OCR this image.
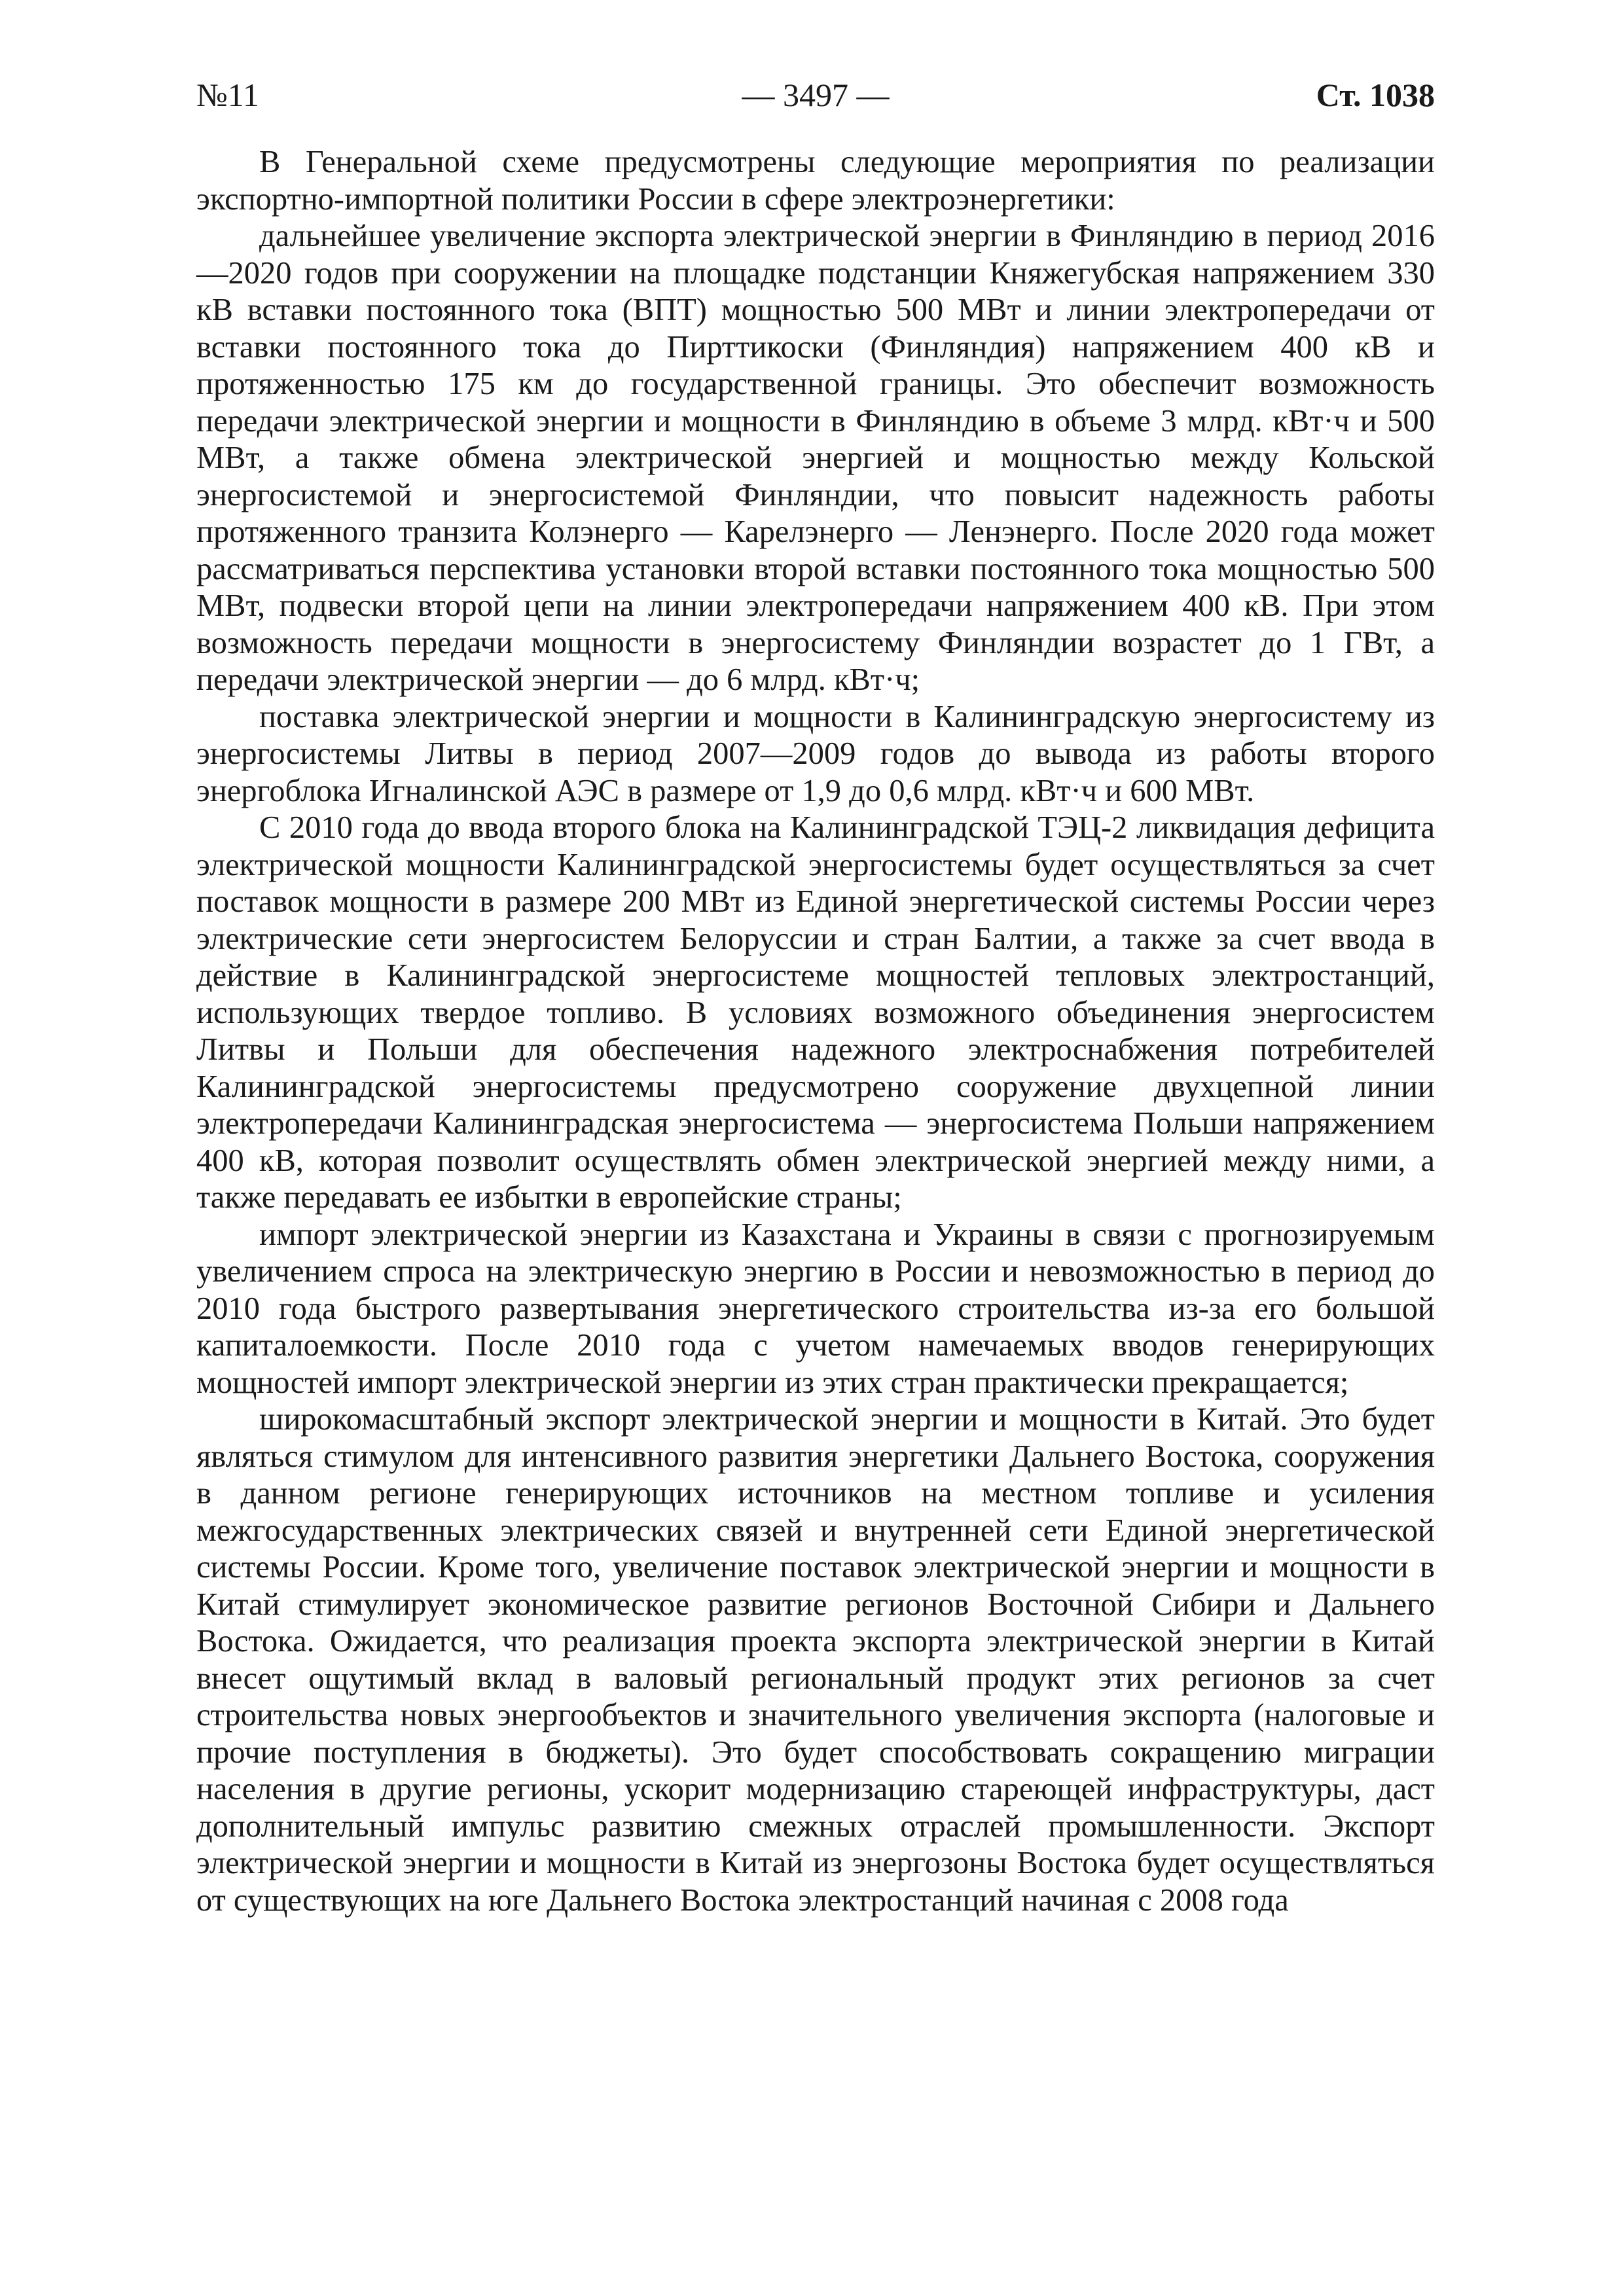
№11	— 3497 —	Ст. 1038

В Генеральной схеме предусмотрены следующие мероприятия по реализации экспортно-импортной политики России в сфере электроэнергетики:

дальнейшее увеличение экспорта электрической энергии в Финляндию в период 2016—2020 годов при сооружении на площадке подстанции Княжегубская напряжением 330 кВ вставки постоянного тока (ВПТ) мощностью 500 МВт и линии электропередачи от вставки постоянного тока до Пирттикоски (Финляндия) напряжением 400 кВ и протяженностью 175 км до государственной границы. Это обеспечит возможность передачи электрической энергии и мощности в Финляндию в объеме 3 млрд. кВт·ч и 500 МВт, а также обмена электрической энергией и мощностью между Кольской энергосистемой и энергосистемой Финляндии, что повысит надежность работы протяженного транзита Колэнерго — Карелэнерго — Ленэнерго. После 2020 года может рассматриваться перспектива установки второй вставки постоянного тока мощностью 500 МВт, подвески второй цепи на линии электропередачи напряжением 400 кВ. При этом возможность передачи мощности в энергосистему Финляндии возрастет до 1 ГВт, а передачи электрической энергии — до 6 млрд. кВт·ч;

поставка электрической энергии и мощности в Калининградскую энергосистему из энергосистемы Литвы в период 2007—2009 годов до вывода из работы второго энергоблока Игналинской АЭС в размере от 1,9 до 0,6 млрд. кВт·ч и 600 МВт.

С 2010 года до ввода второго блока на Калининградской ТЭЦ-2 ликвидация дефицита электрической мощности Калининградской энергосистемы будет осуществляться за счет поставок мощности в размере 200 МВт из Единой энергетической системы России через электрические сети энергосистем Белоруссии и стран Балтии, а также за счет ввода в действие в Калининградской энергосистеме мощностей тепловых электростанций, использующих твердое топливо. В условиях возможного объединения энергосистем Литвы и Польши для обеспечения надежного электроснабжения потребителей Калининградской энергосистемы предусмотрено сооружение двухцепной линии электропередачи Калининградская энергосистема — энергосистема Польши напряжением 400 кВ, которая позволит осуществлять обмен электрической энергией между ними, а также передавать ее избытки в европейские страны;

импорт электрической энергии из Казахстана и Украины в связи с прогнозируемым увеличением спроса на электрическую энергию в России и невозможностью в период до 2010 года быстрого развертывания энергетического строительства из-за его большой капиталоемкости. После 2010 года с учетом намечаемых вводов генерирующих мощностей импорт электрической энергии из этих стран практически прекращается;

широкомасштабный экспорт электрической энергии и мощности в Китай. Это будет являться стимулом для интенсивного развития энергетики Дальнего Востока, сооружения в данном регионе генерирующих источников на местном топливе и усиления межгосударственных электрических связей и внутренней сети Единой энергетической системы России. Кроме того, увеличение поставок электрической энергии и мощности в Китай стимулирует экономическое развитие регионов Восточной Сибири и Дальнего Востока. Ожидается, что реализация проекта экспорта электрической энергии в Китай внесет ощутимый вклад в валовый региональный продукт этих регионов за счет строительства новых энергообъектов и значительного увеличения экспорта (налоговые и прочие поступления в бюджеты). Это будет способствовать сокращению миграции населения в другие регионы, ускорит модернизацию стареющей инфраструктуры, даст дополнительный импульс развитию смежных отраслей промышленности. Экспорт электрической энергии и мощности в Китай из энергозоны Востока будет осуществляться от существующих на юге Дальнего Востока электростанций начиная с 2008 года
